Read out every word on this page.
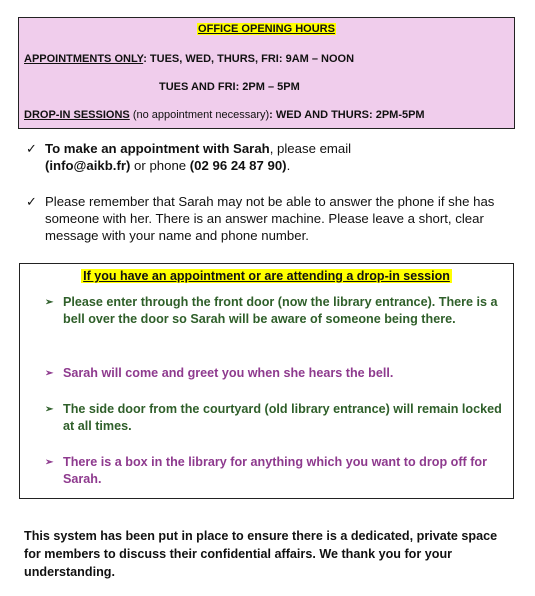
OFFICE OPENING HOURS
APPOINTMENTS ONLY: TUES, WED, THURS, FRI: 9AM – NOON
TUES AND FRI: 2PM – 5PM
DROP-IN SESSIONS (no appointment necessary): WED AND THURS: 2PM-5PM
✓ To make an appointment with Sarah, please email
(info@aikb.fr) or phone (02 96 24 87 90).
✓ Please remember that Sarah may not be able to answer the phone if she has someone with her. There is an answer machine. Please leave a short, clear message with your name and phone number.
If you have an appointment or are attending a drop-in session
➢ Please enter through the front door (now the library entrance). There is a bell over the door so Sarah will be aware of someone being there.
➢ Sarah will come and greet you when she hears the bell.
➢ The side door from the courtyard (old library entrance) will remain locked at all times.
➢ There is a box in the library for anything which you want to drop off for Sarah.
This system has been put in place to ensure there is a dedicated, private space for members to discuss their confidential affairs. We thank you for your understanding.
